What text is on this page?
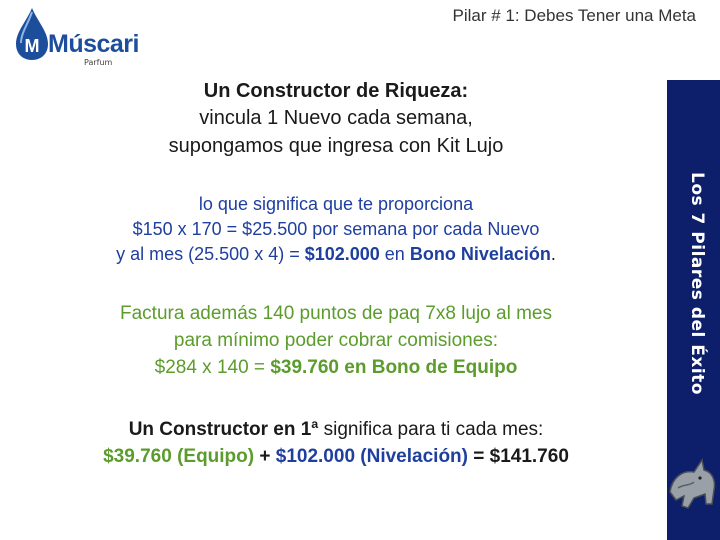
M Múscari
Parfum
Pilar # 1: Debes Tener una Meta
Los 7 Pilares del Éxito
Un Constructor de Riqueza:
vincula 1 Nuevo cada semana,
supongamos que ingresa con Kit Lujo
lo que significa que te proporciona
$150 x 170 = $25.500 por semana por cada Nuevo
y al mes (25.500 x 4) = $102.000 en Bono Nivelación.
Factura además 140 puntos de paq 7x8 lujo al mes
para mínimo poder cobrar comisiones:
$284 x 140 = $39.760 en Bono de Equipo
Un Constructor en 1ª significa para ti cada mes:
$39.760 (Equipo) + $102.000 (Nivelación) = $141.760
